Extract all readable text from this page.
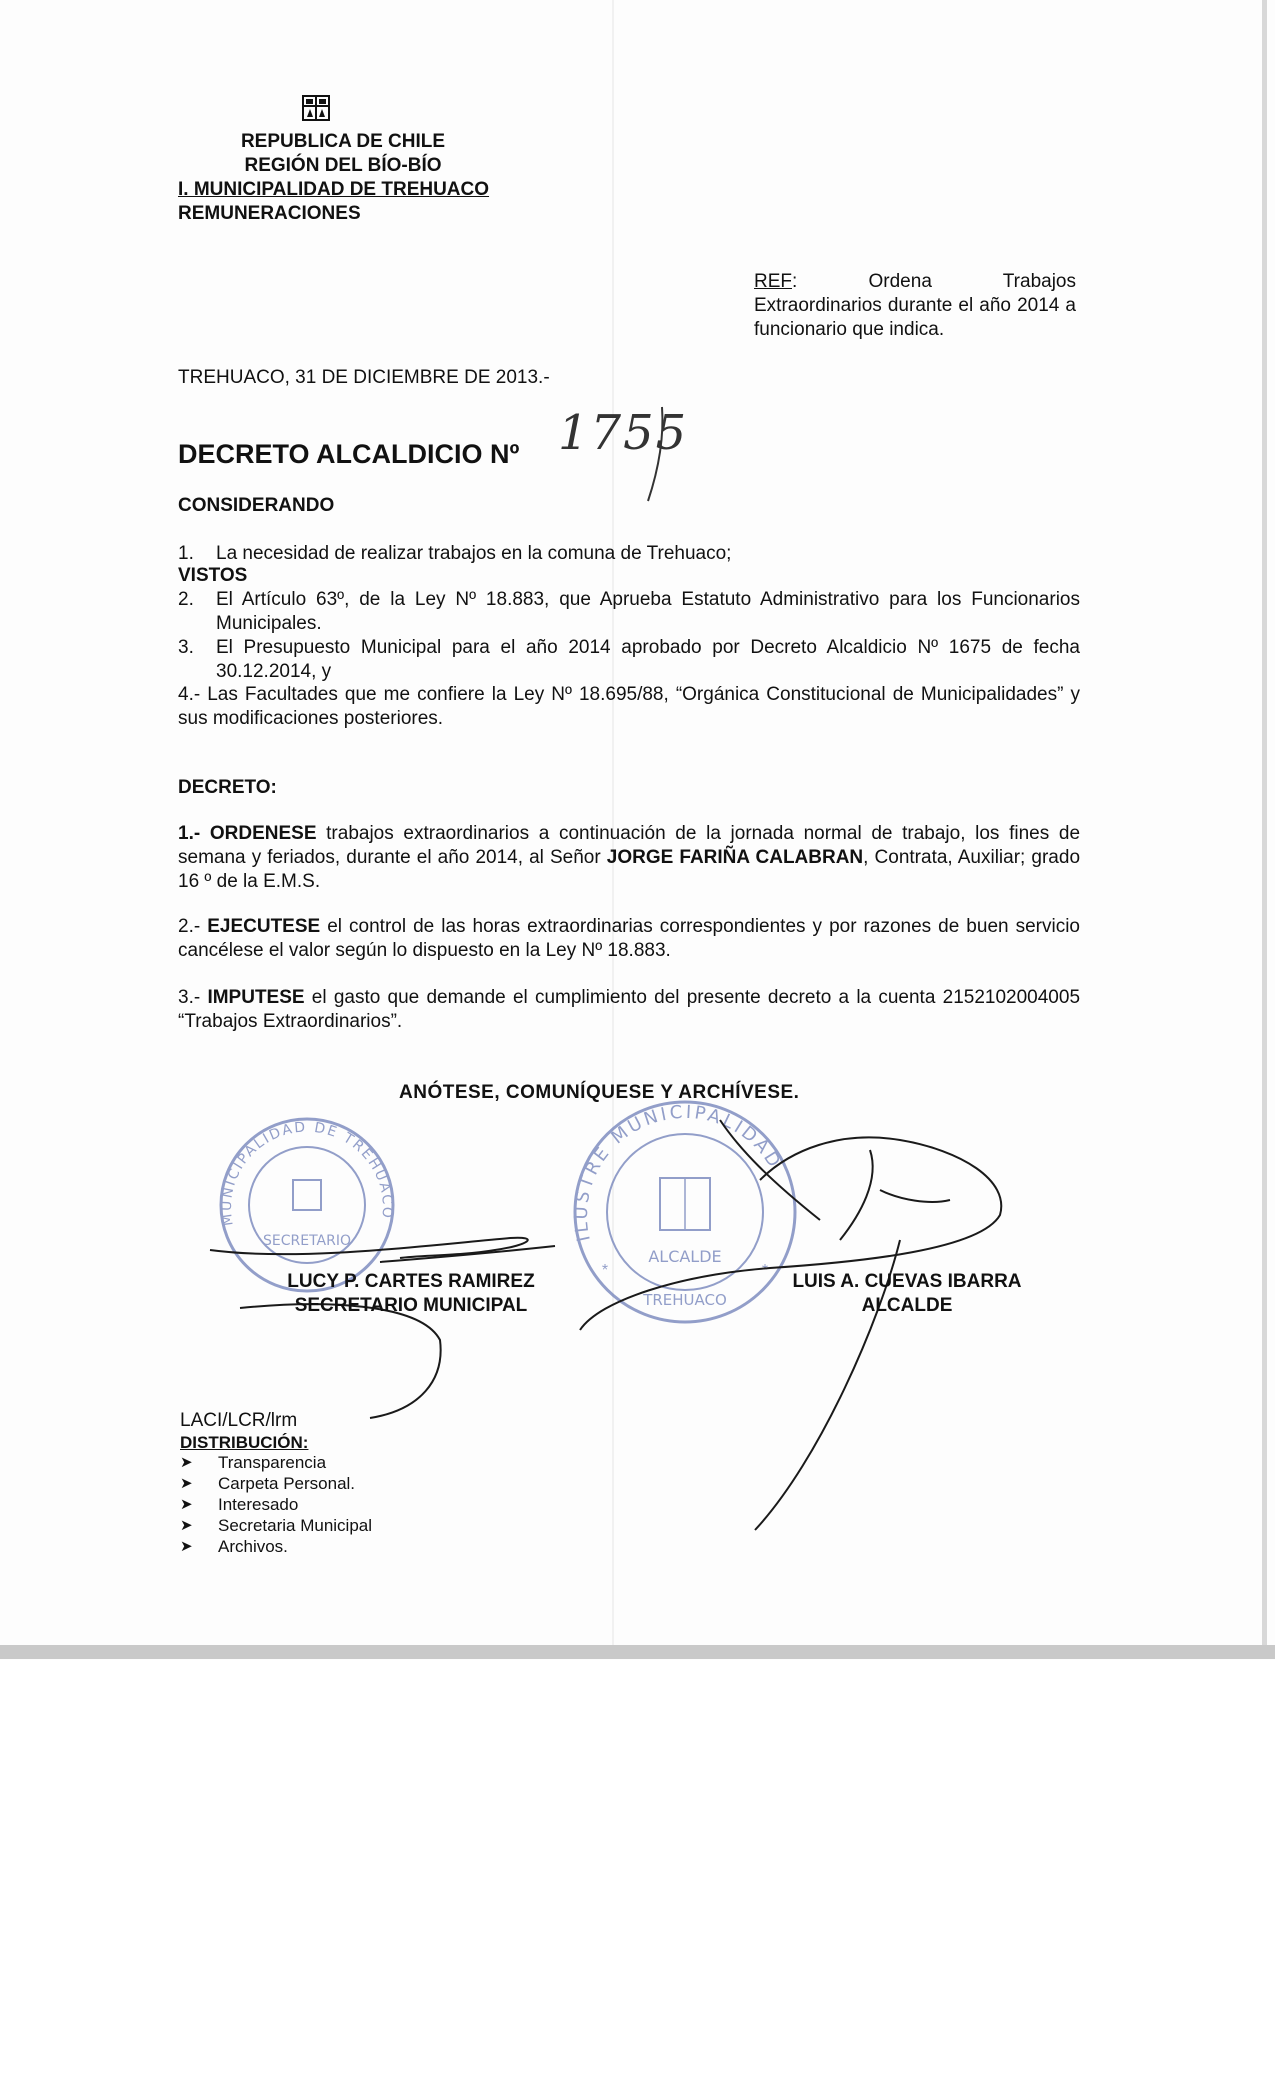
REPUBLICA DE CHILE
REGIÓN DEL BÍO-BÍO
I. MUNICIPALIDAD DE TREHUACO
REMUNERACIONES
REF: Ordena Trabajos Extraordinarios durante el año 2014 a funcionario que indica.
TREHUACO, 31 DE DICIEMBRE DE 2013.-
DECRETO ALCALDICIO Nº 1755
CONSIDERANDO
1. La necesidad de realizar trabajos en la comuna de Trehuaco;
VISTOS
2. El Artículo 63º, de la Ley Nº 18.883, que Aprueba Estatuto Administrativo para los Funcionarios Municipales.
3. El Presupuesto Municipal para el año 2014 aprobado por Decreto Alcaldicio Nº 1675 de fecha 30.12.2014, y
4.- Las Facultades que me confiere la Ley Nº 18.695/88, “Orgánica Constitucional de Municipalidades” y sus modificaciones posteriores.
DECRETO:
1.- ORDENESE trabajos extraordinarios a continuación de la jornada normal de trabajo, los fines de semana y feriados, durante el año 2014, al Señor JORGE FARIÑA CALABRAN, Contrata, Auxiliar; grado 16 º de la E.M.S.
2.- EJECUTESE el control de las horas extraordinarias correspondientes y por razones de buen servicio cancélese el valor según lo dispuesto en la Ley Nº 18.883.
3.- IMPUTESE el gasto que demande el cumplimiento del presente decreto a la cuenta 2152102004005 “Trabajos Extraordinarios”.
ANÓTESE, COMUNÍQUESE Y ARCHÍVESE.
MUNICIPALIDAD DE TREHUACO
SECRETARIO	ILUSTRE MUNICIPALIDAD
ALCALDE
TREHUACO
*	*
LUCY P. CARTES RAMIREZ
SECRETARIO MUNICIPAL
LUIS A. CUEVAS IBARRA
ALCALDE
LACI/LCR/lrm
DISTRIBUCIÓN:
➤ Transparencia
➤ Carpeta Personal.
➤ Interesado
➤ Secretaria Municipal
➤ Archivos.
